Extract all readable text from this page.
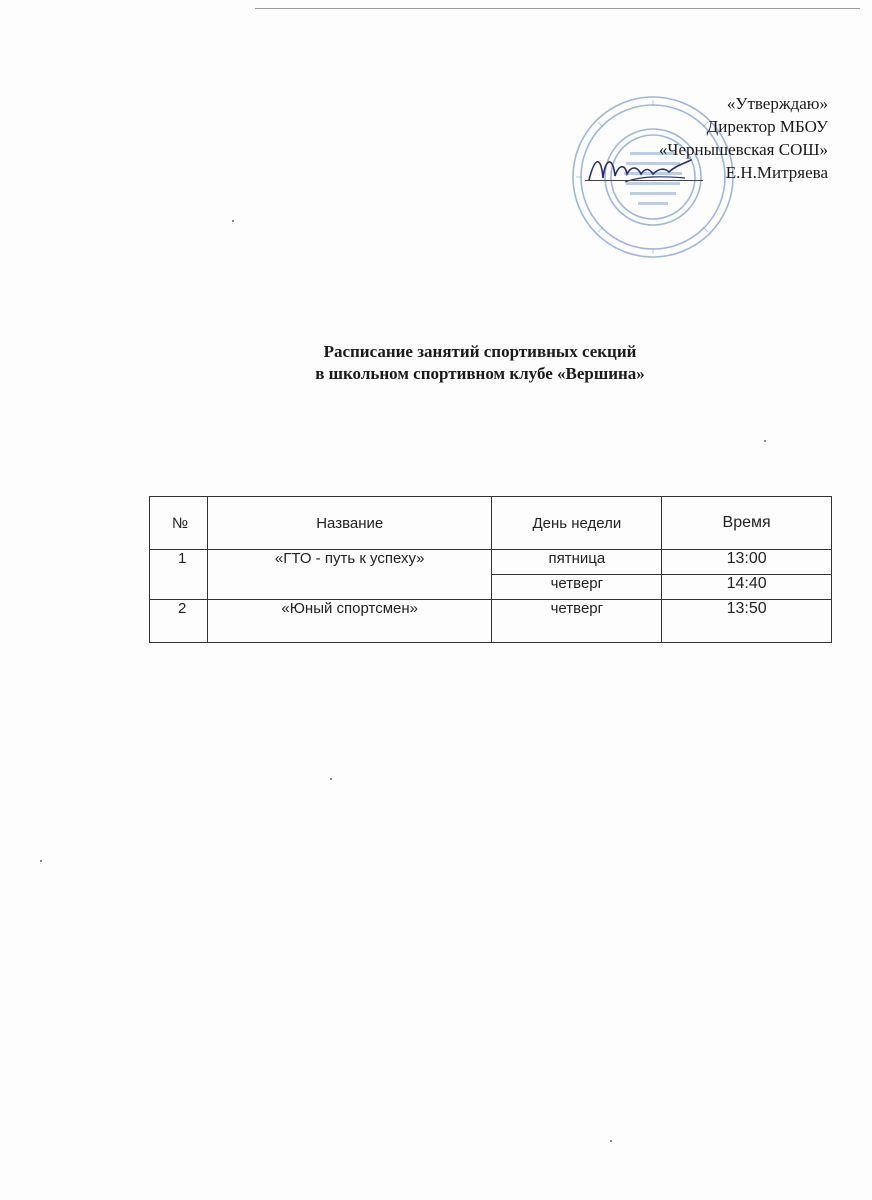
«Утверждаю»
Директор МБОУ
«Чернышевская СОШ»
Е.Н.Митряева
Расписание занятий спортивных секций
в школьном спортивном клубе «Вершина»
№	Название	День недели	Время
1	«ГТО - путь к успеху»	пятница	13:00
		четверг	14:40
2	«Юный спортсмен»	четверг	13:50
